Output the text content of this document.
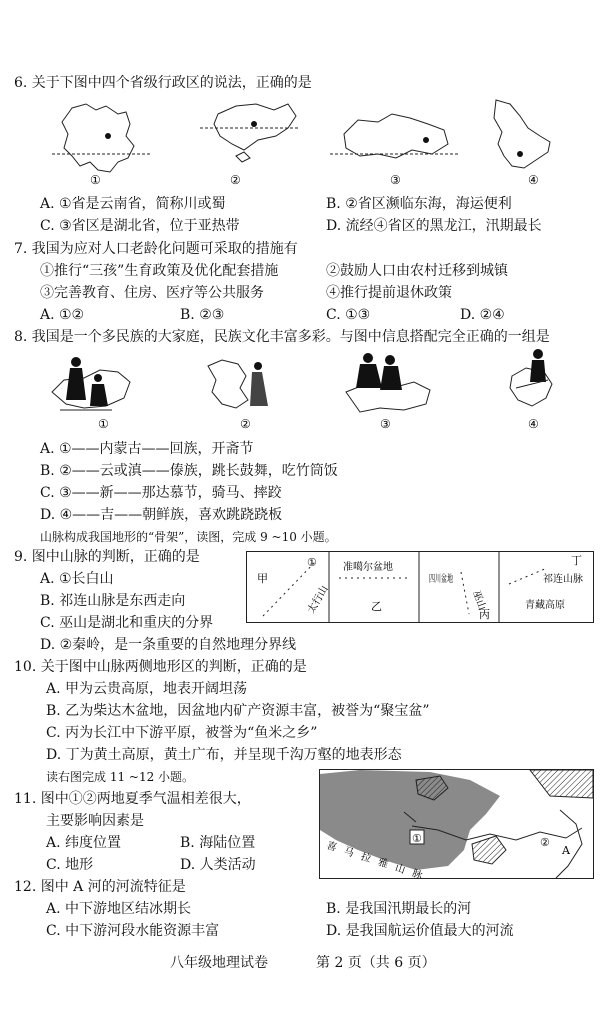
6. 关于下图中四个省级行政区的说法，正确的是
①	②	③	④
A. ①省是云南省，简称川或蜀	B. ②省区濒临东海，海运便利
C. ③省区是湖北省，位于亚热带	D. 流经④省区的黑龙江，汛期最长
7. 我国为应对人口老龄化问题可采取的措施有
①推行“三孩”生育政策及优化配套措施	②鼓励人口由农村迁移到城镇
③完善教育、住房、医疗等公共服务	④推行提前退休政策
A. ①②	B. ②③	C. ①③	D. ②④
8. 我国是一个多民族的大家庭，民族文化丰富多彩。与图中信息搭配完全正确的一组是
①	②	③	④
A. ①——内蒙古——回族，开斋节
B. ②——云或滇——傣族，跳长鼓舞，吃竹筒饭
C. ③——新——那达慕节，骑马、摔跤
D. ④——吉——朝鲜族，喜欢跳跷跷板
山脉构成我国地形的“骨架”，读图，完成 9 ~10 小题。
9. 图中山脉的判断，正确的是
A. ①长白山
B. 祁连山脉是东西走向
C. 巫山是湖北和重庆的分界
D. ②秦岭，是一条重要的自然地理分界线
甲
①
太行山
准噶尔盆地
乙
四川盆地
丙
巫山
丁
祁连山脉
青藏高原
10. 关于图中山脉两侧地形区的判断，正确的是
A. 甲为云贵高原，地表开阔坦荡
B. 乙为柴达木盆地，因盆地内矿产资源丰富，被誉为“聚宝盆”
C. 丙为长江中下游平原，被誉为“鱼米之乡”
D. 丁为黄土高原，黄土广布，并呈现千沟万壑的地表形态
读右图完成 11 ~12 小题。
11. 图中①②两地夏季气温相差很大，
主要影响因素是
A. 纬度位置	B. 海陆位置
C. 地形	D. 人类活动
①	②
A
喜马拉雅山脉
12. 图中 A 河的河流特征是
A. 中下游地区结冰期长	B. 是我国汛期最长的河
C. 中下游河段水能资源丰富	D. 是我国航运价值最大的河流
八年级地理试卷	第 2 页（共 6 页）
